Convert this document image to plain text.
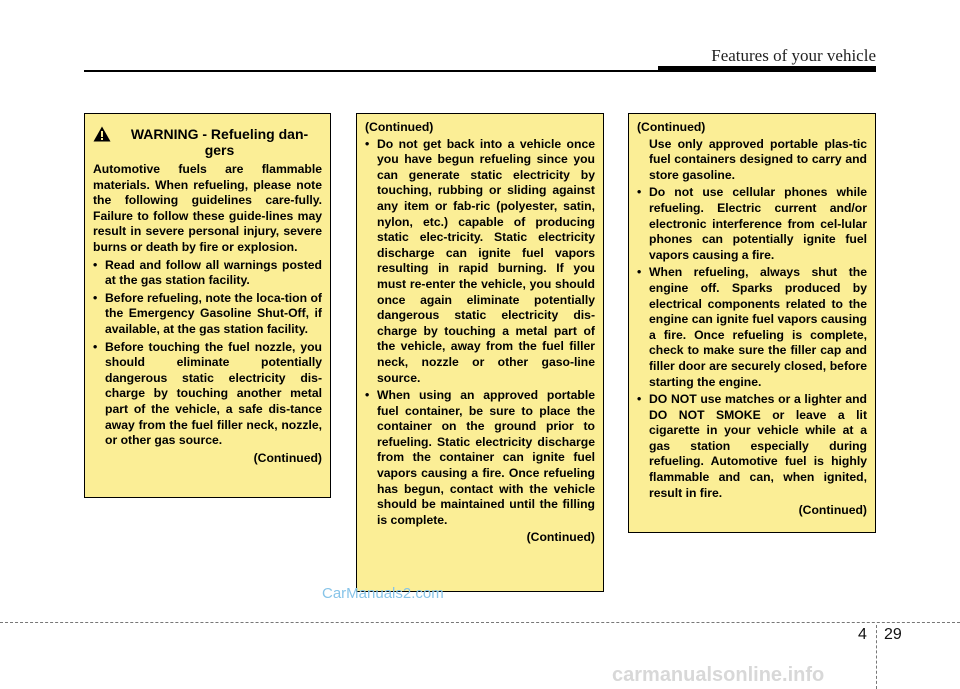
Features of your vehicle
WARNING - Refueling dan-gers

Automotive fuels are flammable materials. When refueling, please note the following guidelines care-fully. Failure to follow these guide-lines may result in severe personal injury, severe burns or death by fire or explosion.

• Read and follow all warnings posted at the gas station facility.
• Before refueling, note the loca-tion of the Emergency Gasoline Shut-Off, if available, at the gas station facility.
• Before touching the fuel nozzle, you should eliminate potentially dangerous static electricity dis-charge by touching another metal part of the vehicle, a safe dis-tance away from the fuel filler neck, nozzle, or other gas source.
(Continued)
(Continued)
• Do not get back into a vehicle once you have begun refueling since you can generate static electricity by touching, rubbing or sliding against any item or fab-ric (polyester, satin, nylon, etc.) capable of producing static elec-tricity. Static electricity discharge can ignite fuel vapors resulting in rapid burning. If you must re-enter the vehicle, you should once again eliminate potentially dangerous static electricity dis-charge by touching a metal part of the vehicle, away from the fuel filler neck, nozzle or other gaso-line source.
• When using an approved portable fuel container, be sure to place the container on the ground prior to refueling. Static electricity discharge from the container can ignite fuel vapors causing a fire. Once refueling has begun, contact with the vehicle should be maintained until the filling is complete.
(Continued)
(Continued)
Use only approved portable plas-tic fuel containers designed to carry and store gasoline.
• Do not use cellular phones while refueling. Electric current and/or electronic interference from cel-lular phones can potentially ignite fuel vapors causing a fire.
• When refueling, always shut the engine off. Sparks produced by electrical components related to the engine can ignite fuel vapors causing a fire. Once refueling is complete, check to make sure the filler cap and filler door are securely closed, before starting the engine.
• DO NOT use matches or a lighter and DO NOT SMOKE or leave a lit cigarette in your vehicle while at a gas station especially during refueling. Automotive fuel is highly flammable and can, when ignited, result in fire.
(Continued)
CarManuals2.com
4 29
carmanualsonline.info
